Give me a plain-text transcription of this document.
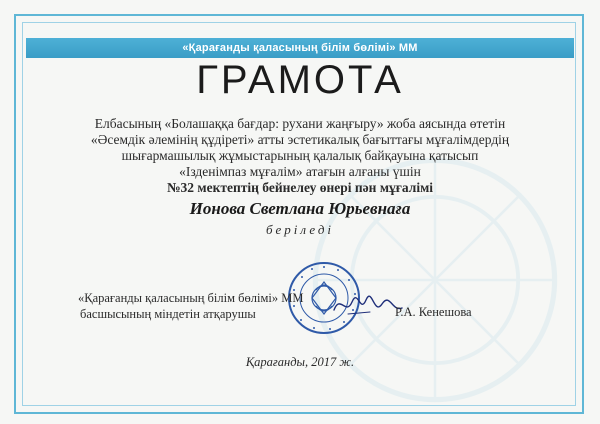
«Қарағанды қаласының білім бөлімі» ММ
ГРАМОТА
Елбасының «Болашаққа бағдар: рухани жаңғыру» жоба аясында өтетін
«Әсемдік әлемінің құдіреті» атты эстетикалық бағыттағы мұғалімдердің
шығармашылық жұмыстарының қалалық байқауына қатысып
«Ізденімпаз мұғалім» атағын алғаны үшін
№32 мектептің бейнелеу өнері пән мұғалімі
Ионова Светлана Юрьевнаға
беріледі
«Қарағанды қаласының білім бөлімі» ММ
басшысының міндетін атқарушы	Р.А. Кенешова
Қарағанды, 2017 ж.
